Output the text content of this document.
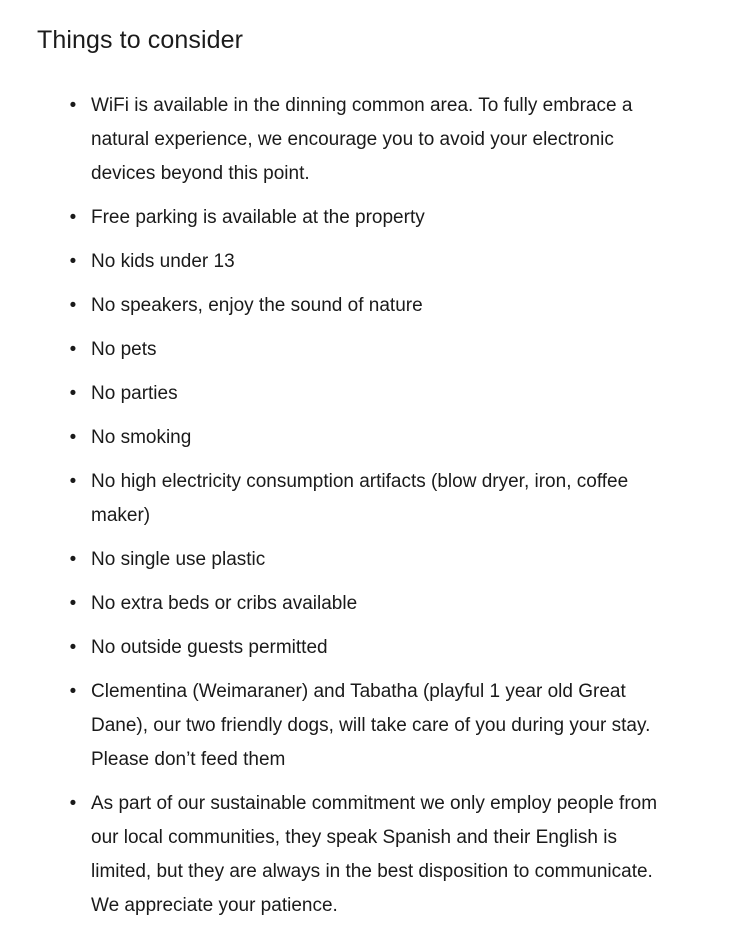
Things to consider
• WiFi is available in the dinning common area. To fully embrace a natural experience, we encourage you to avoid your electronic devices beyond this point.
• Free parking is available at the property
• No kids under 13
• No speakers, enjoy the sound of nature
• No pets
• No parties
• No smoking
• No high electricity consumption artifacts (blow dryer, iron, coffee maker)
• No single use plastic
• No extra beds or cribs available
• No outside guests permitted
• Clementina (Weimaraner) and Tabatha (playful 1 year old Great Dane), our two friendly dogs, will take care of you during your stay. Please don’t feed them
• As part of our sustainable commitment we only employ people from our local communities, they speak Spanish and their English is limited, but they are always in the best disposition to communicate. We appreciate your patience.
